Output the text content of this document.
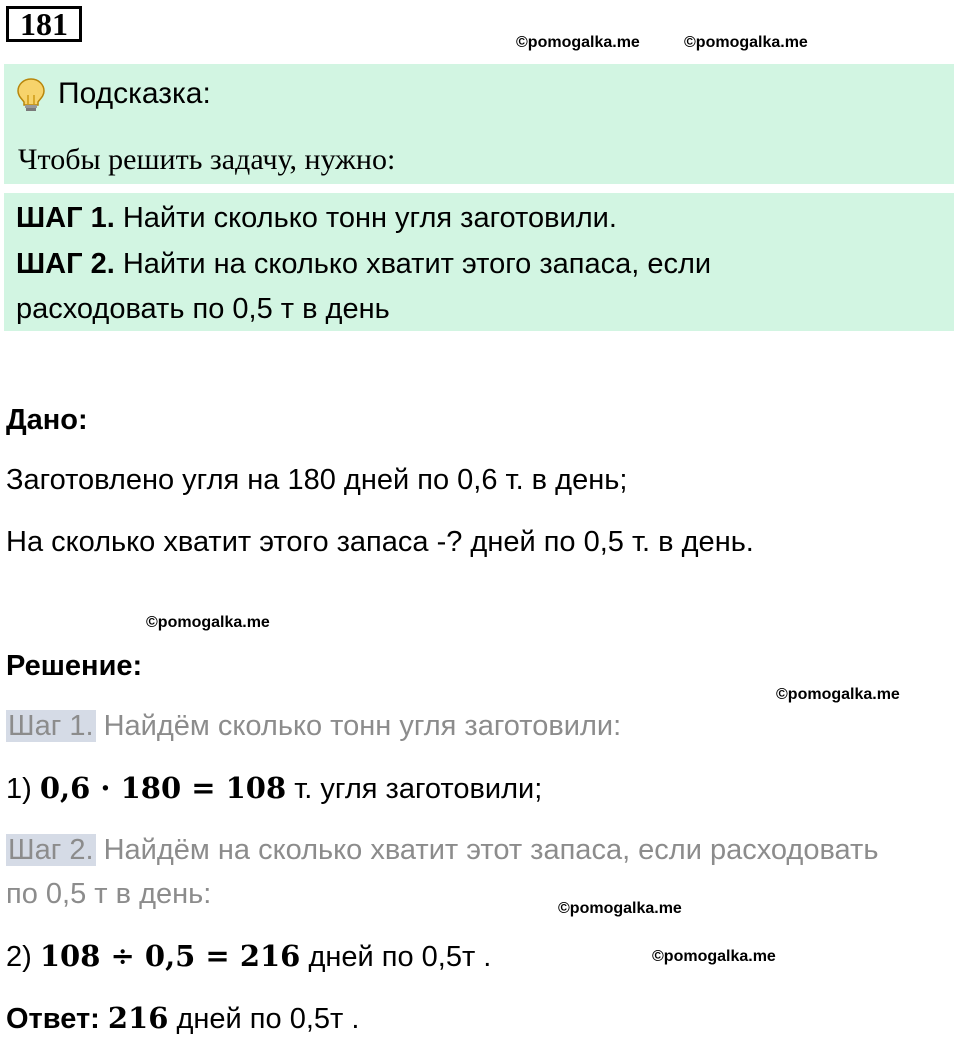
181
©pomogalka.me	©pomogalka.me
Подсказка:
Чтобы решить задачу, нужно:
ШАГ 1. Найти сколько тонн угля заготовили.
ШАГ 2. Найти на сколько хватит этого запаса, если
расходовать по 0,5 т в день
Дано:
Заготовлено угля на 180 дней по 0,6 т. в день;
На сколько хватит этого запаса -? дней по 0,5 т. в день.
©pomogalka.me
Решение:
©pomogalka.me
Шаг 1. Найдём сколько тонн угля заготовили:
1) 0,6 · 180 = 108 т. угля заготовили;
Шаг 2. Найдём на сколько хватит этот запаса, если расходовать
по 0,5 т в день:	©pomogalka.me
2) 108 ÷ 0,5 = 216 дней по 0,5т .	©pomogalka.me
Ответ: 216 дней по 0,5т .
